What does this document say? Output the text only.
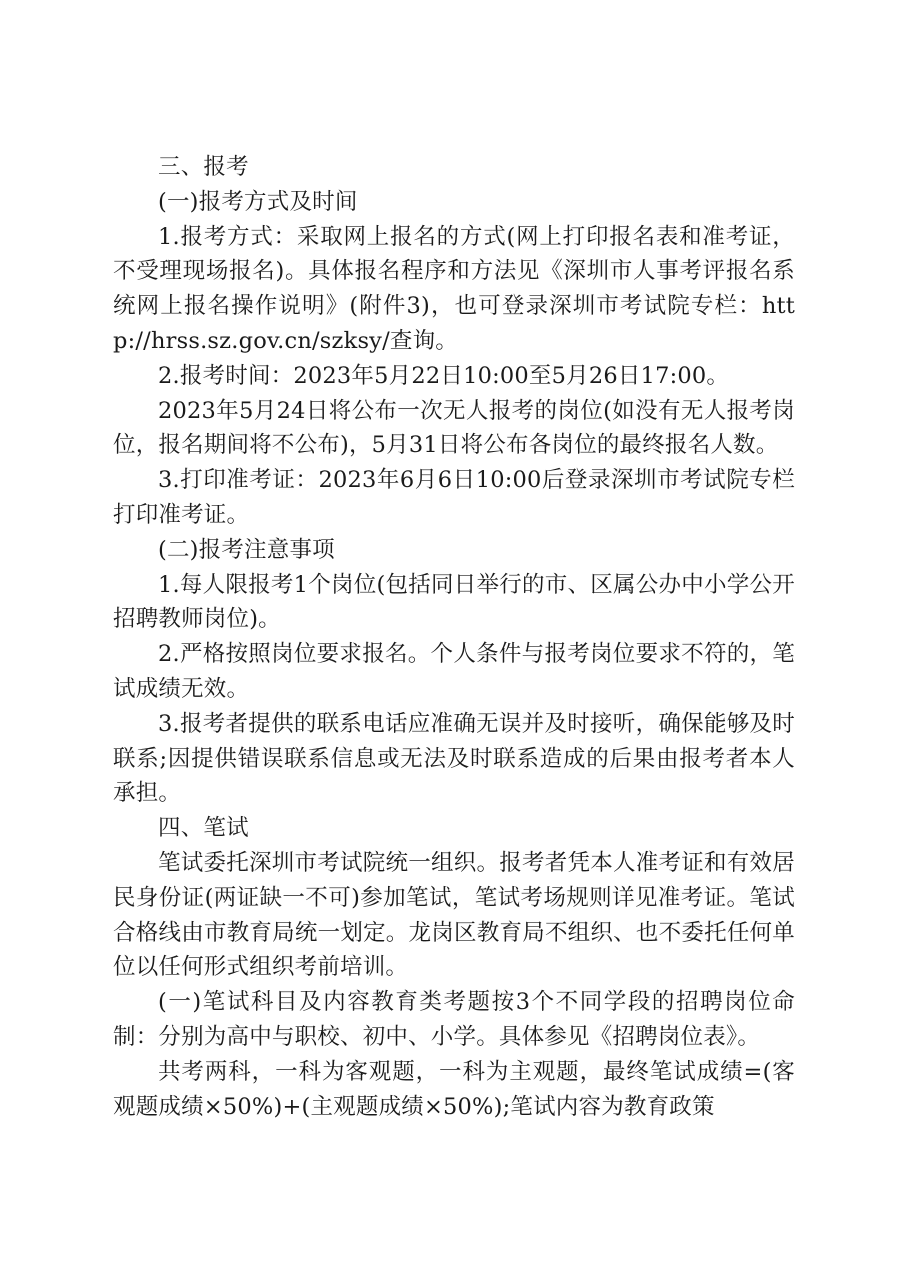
三、报考

(一)报考方式及时间

1.报考方式：采取网上报名的方式(网上打印报名表和准考证，不受理现场报名)。具体报名程序和方法见《深圳市人事考评报名系统网上报名操作说明》(附件3)，也可登录深圳市考试院专栏：http://hrss.sz.gov.cn/szksy/查询。

2.报考时间：2023年5月22日10:00至5月26日17:00。

2023年5月24日将公布一次无人报考的岗位(如没有无人报考岗位，报名期间将不公布)，5月31日将公布各岗位的最终报名人数。

3.打印准考证：2023年6月6日10:00后登录深圳市考试院专栏打印准考证。

(二)报考注意事项

1.每人限报考1个岗位(包括同日举行的市、区属公办中小学公开招聘教师岗位)。

2.严格按照岗位要求报名。个人条件与报考岗位要求不符的，笔试成绩无效。

3.报考者提供的联系电话应准确无误并及时接听，确保能够及时联系;因提供错误联系信息或无法及时联系造成的后果由报考者本人承担。

四、笔试

笔试委托深圳市考试院统一组织。报考者凭本人准考证和有效居民身份证(两证缺一不可)参加笔试，笔试考场规则详见准考证。笔试合格线由市教育局统一划定。龙岗区教育局不组织、也不委托任何单位以任何形式组织考前培训。

(一)笔试科目及内容教育类考题按3个不同学段的招聘岗位命制：分别为高中与职校、初中、小学。具体参见《招聘岗位表》。

共考两科，一科为客观题，一科为主观题，最终笔试成绩=(客观题成绩×50%)+(主观题成绩×50%);笔试内容为教育政策
